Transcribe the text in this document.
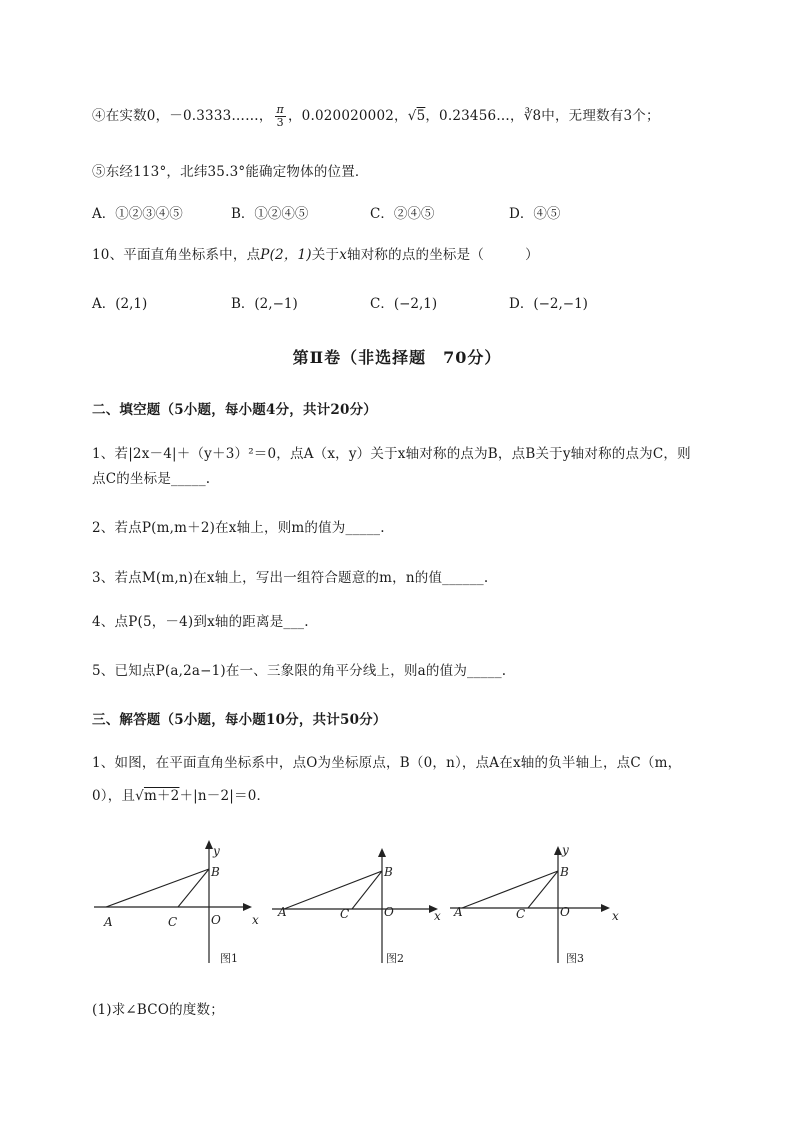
④在实数0，－0.3333……， $\frac{\pi}{3}$ ，0.020020002，√5，0.23456…，∛8中，无理数有3个；
⑤东经113°，北纬35.3°能确定物体的位置．
A．①②③④⑤	B．①②④⑤	C．②④⑤	D．④⑤
10、平面直角坐标系中，点P(2，1)关于x轴对称的点的坐标是（　　　）
A．(2,1)	B．(2,−1)	C．(−2,1)	D．(−2,−1)
第Ⅱ卷（非选择题　70分）
二、填空题（5小题，每小题4分，共计20分）
1、若|2x－4|＋（y＋3）²＝0，点A（x，y）关于x轴对称的点为B，点B关于y轴对称的点为C，则
点C的坐标是_____.
2、若点P(m,m＋2)在x轴上，则m的值为_____.
3、若点M(m,n)在x轴上，写出一组符合题意的m，n的值______.
4、点P(5，－4)到x轴的距离是___.
5、已知点P(a,2a−1)在一、三象限的角平分线上，则a的值为_____.
三、解答题（5小题，每小题10分，共计50分）
1、如图，在平面直角坐标系中，点O为坐标原点，B（0，n），点A在x轴的负半轴上，点C（m，
0），且√m＋2＋|n－2|＝0．
A	C	O
B
x
y
图1
A	C	O
B
x
图2
A	C	O
B
x
y
图3
(1)求∠BCO的度数；
